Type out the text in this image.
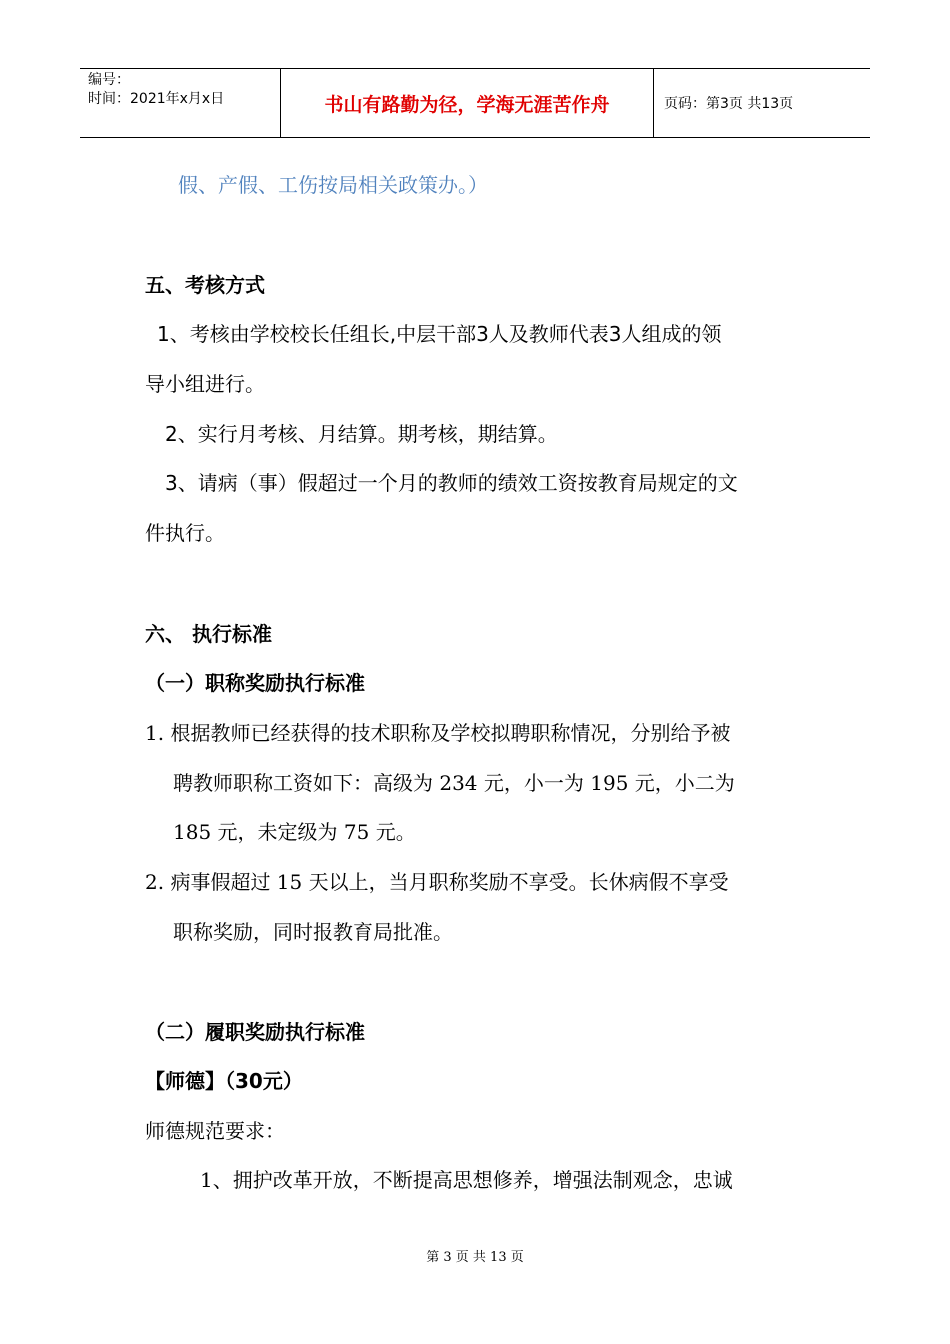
编号：
时间：2021年x月x日	书山有路勤为径，学海无涯苦作舟	页码：第3页 共13页
假、产假、工伤按局相关政策办。）
五、考核方式
1、考核由学校校长任组长,中层干部3人及教师代表3人组成的领
导小组进行。
2、实行月考核、月结算。期考核，期结算。
3、请病（事）假超过一个月的教师的绩效工资按教育局规定的文
件执行。
六、 执行标准
（一）职称奖励执行标准
1. 根据教师已经获得的技术职称及学校拟聘职称情况，分别给予被
聘教师职称工资如下：高级为 234 元，小一为 195 元，小二为
185 元，未定级为 75 元。
2. 病事假超过 15 天以上，当月职称奖励不享受。长休病假不享受
职称奖励，同时报教育局批准。
（二）履职奖励执行标准
【师德】（30元）
师德规范要求：
1、拥护改革开放，不断提高思想修养，增强法制观念，忠诚
第 3 页 共 13 页
